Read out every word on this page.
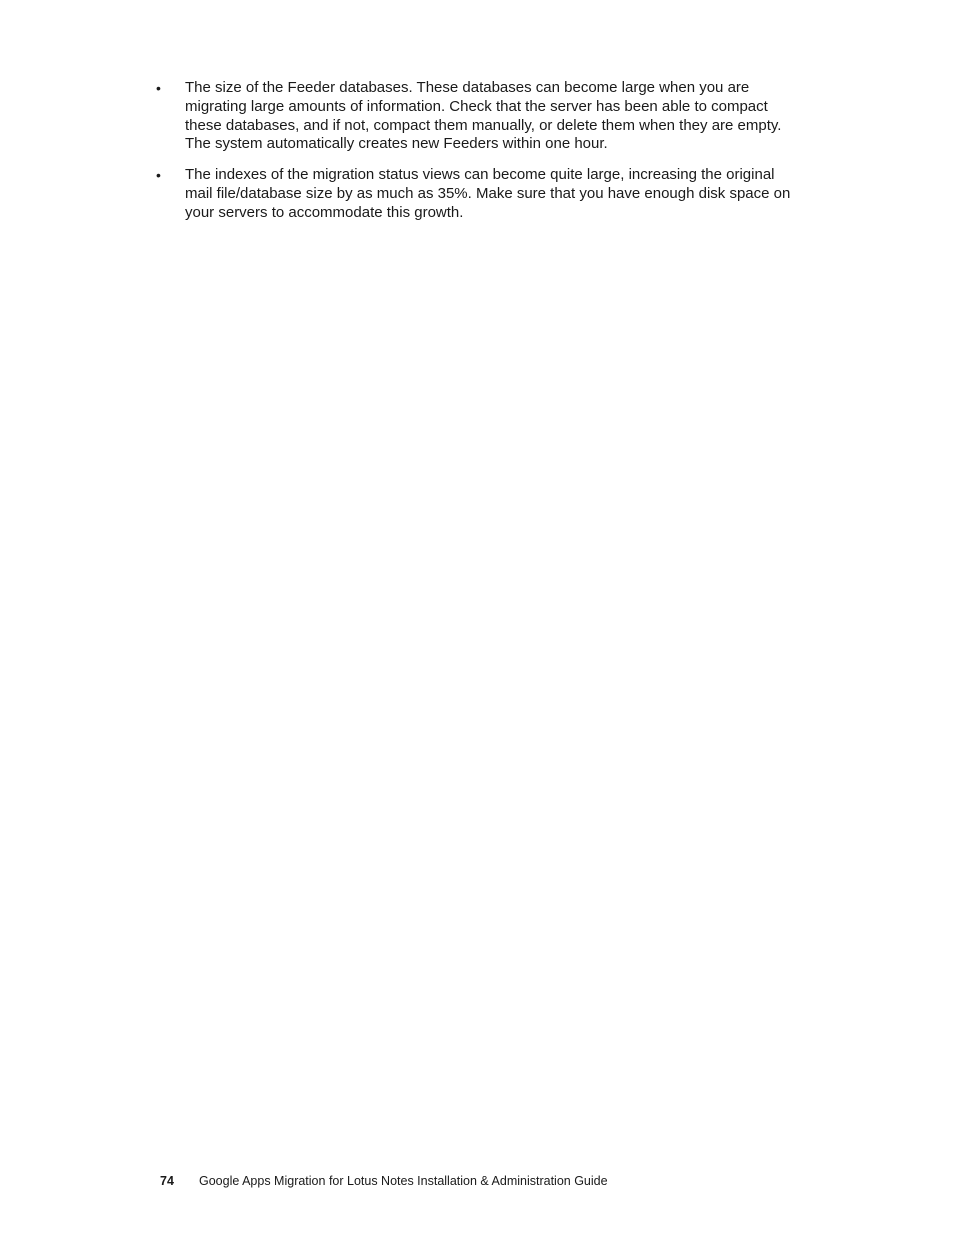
• The size of the Feeder databases. These databases can become large when you are migrating large amounts of information. Check that the server has been able to compact these databases, and if not, compact them manually, or delete them when they are empty. The system automatically creates new Feeders within one hour.
• The indexes of the migration status views can become quite large, increasing the original mail file/database size by as much as 35%. Make sure that you have enough disk space on your servers to accommodate this growth.
74 Google Apps Migration for Lotus Notes Installation & Administration Guide
